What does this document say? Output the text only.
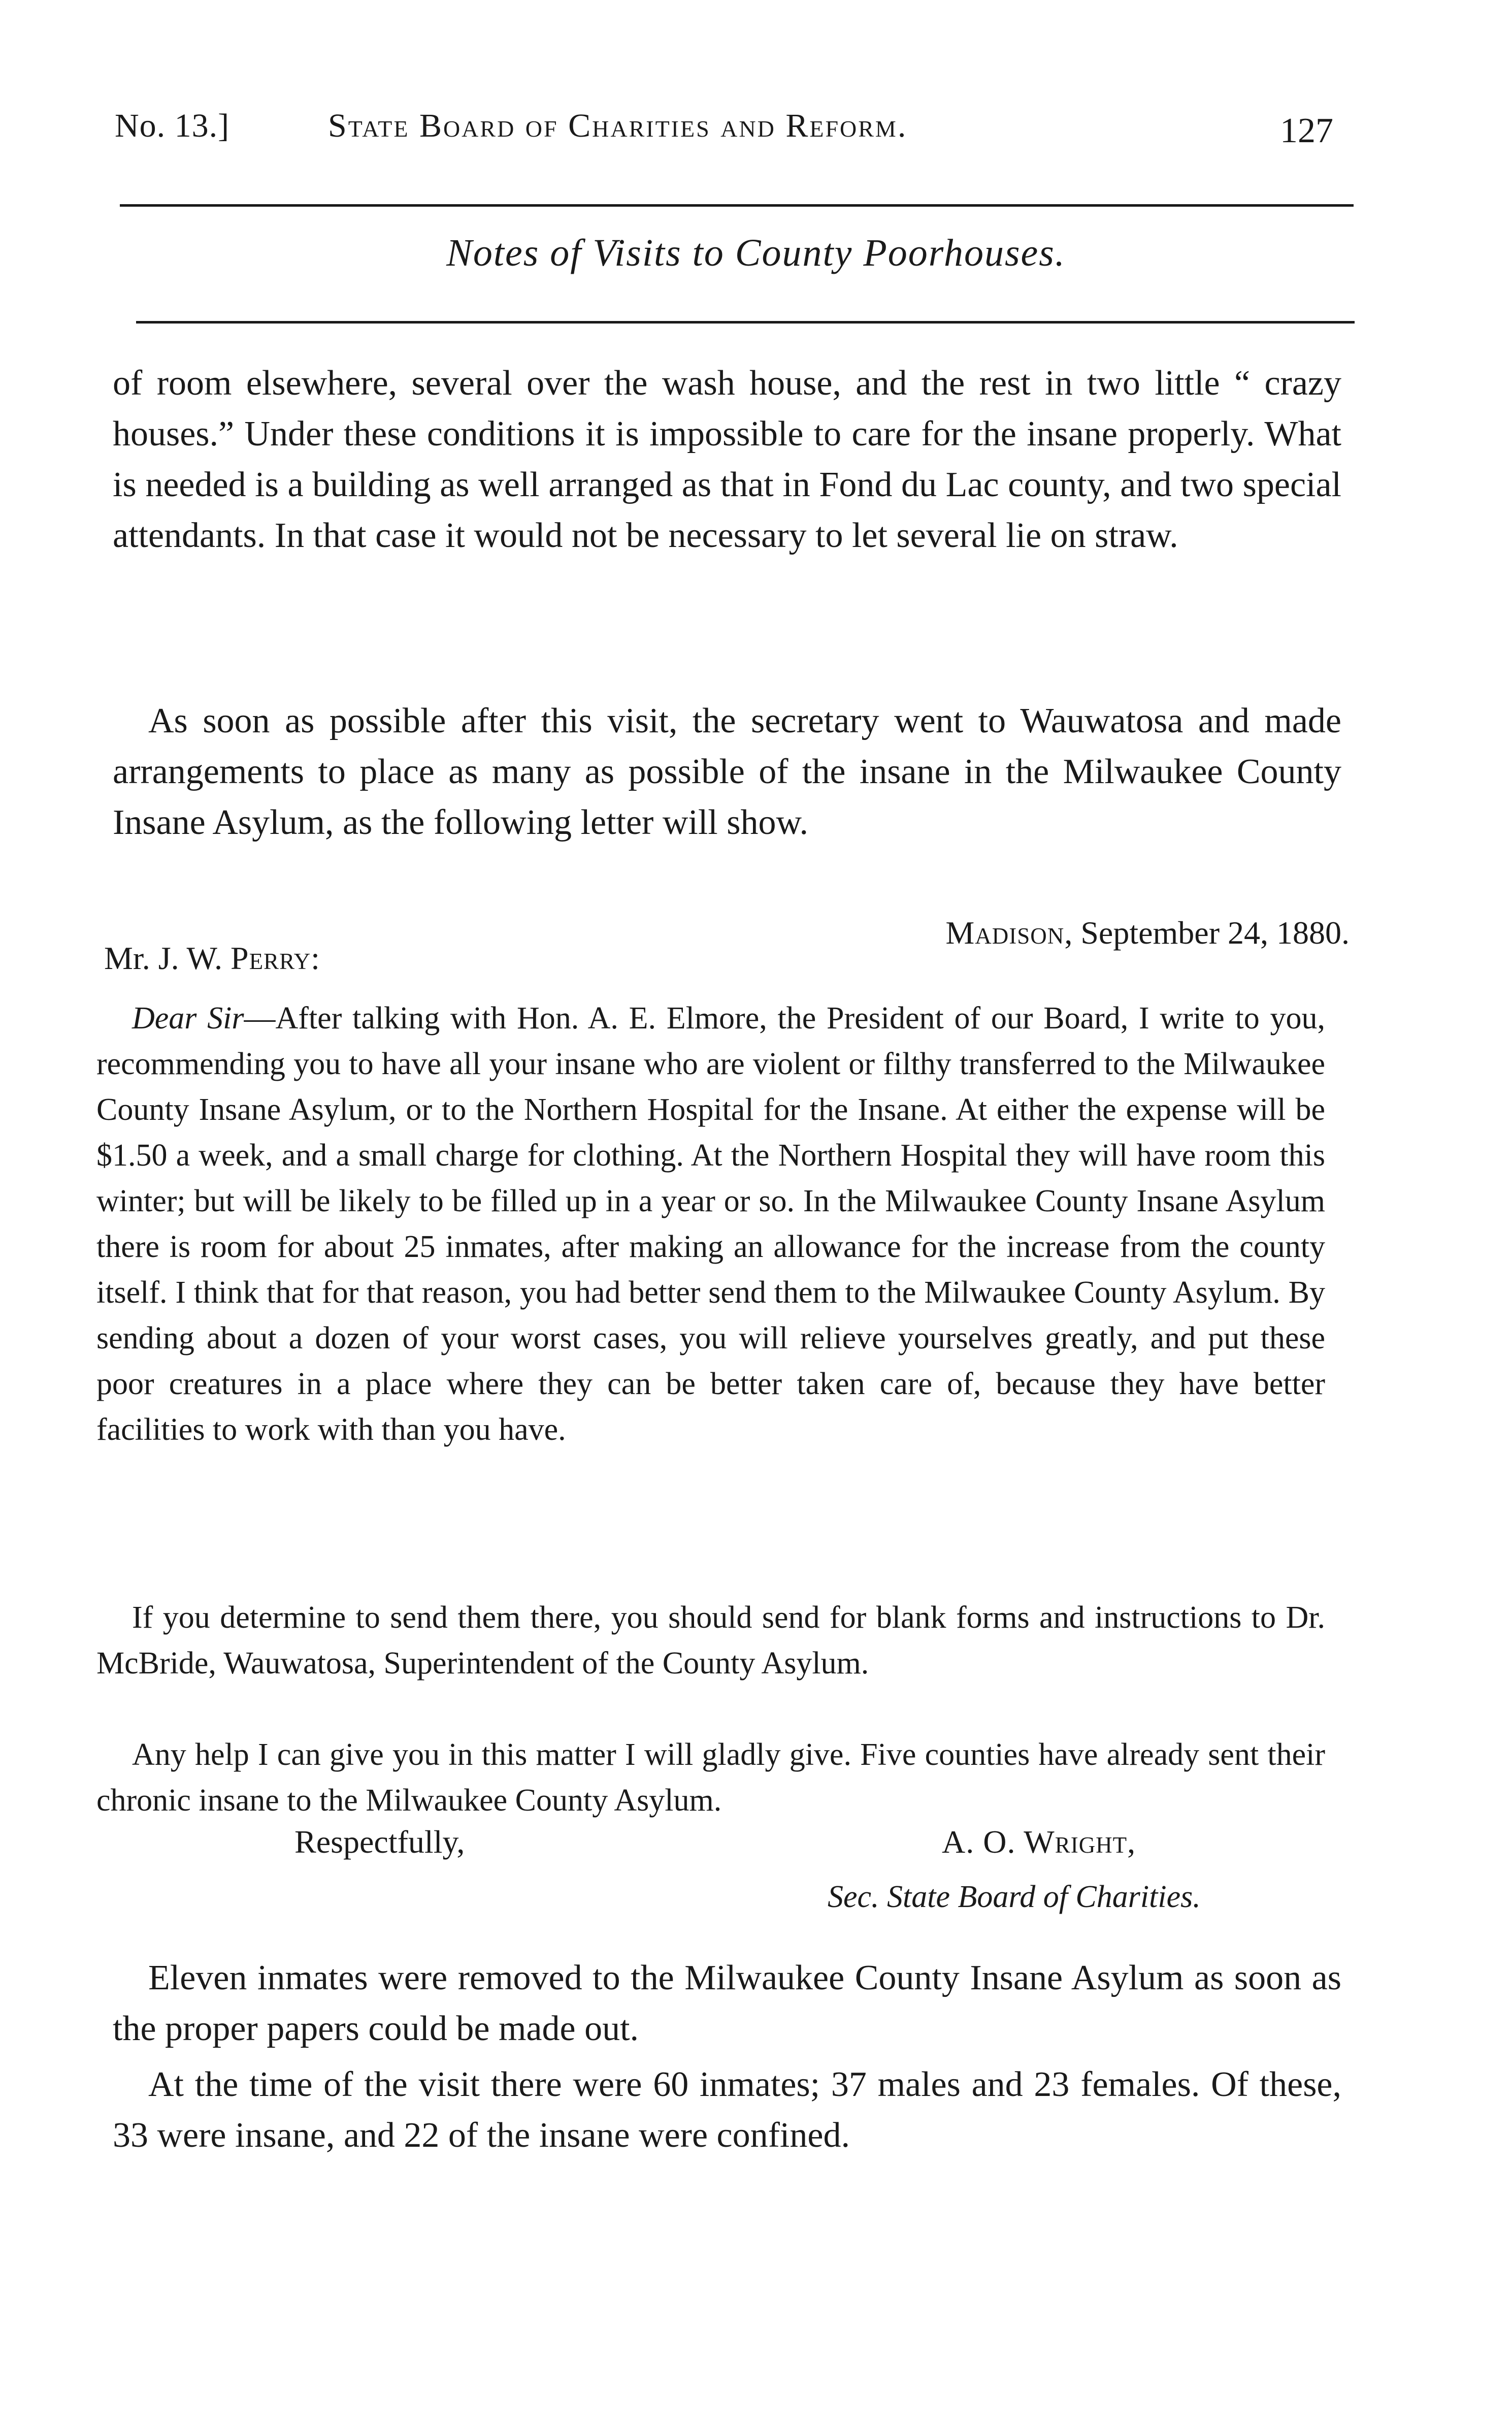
No. 13.]	State Board of Charities and Reform.	127
Notes of Visits to County Poorhouses.

of room elsewhere, several over the wash house, and the rest in two little “ crazy houses.” Under these conditions it is impossible to care for the insane properly. What is needed is a building as well arranged as that in Fond du Lac county, and two special attendants. In that case it would not be necessary to let several lie on straw.

As soon as possible after this visit, the secretary went to Wauwatosa and made arrangements to place as many as possible of the insane in the Milwaukee County Insane Asylum, as the following letter will show.

Madison, September 24, 1880.
Mr. J. W. Perry:

Dear Sir—After talking with Hon. A. E. Elmore, the President of our Board, I write to you, recommending you to have all your insane who are violent or filthy transferred to the Milwaukee County Insane Asylum, or to the Northern Hospital for the Insane. At either the expense will be $1.50 a week, and a small charge for clothing. At the Northern Hospital they will have room this winter; but will be likely to be filled up in a year or so. In the Milwaukee County Insane Asylum there is room for about 25 inmates, after making an allowance for the increase from the county itself. I think that for that reason, you had better send them to the Milwaukee County Asylum. By sending about a dozen of your worst cases, you will relieve yourselves greatly, and put these poor creatures in a place where they can be better taken care of, because they have better facilities to work with than you have.

If you determine to send them there, you should send for blank forms and instructions to Dr. McBride, Wauwatosa, Superintendent of the County Asylum.

Any help I can give you in this matter I will gladly give. Five counties have already sent their chronic insane to the Milwaukee County Asylum.

Respectfully,	A. O. Wright,
Sec. State Board of Charities.

Eleven inmates were removed to the Milwaukee County Insane Asylum as soon as the proper papers could be made out.

At the time of the visit there were 60 inmates; 37 males and 23 females. Of these, 33 were insane, and 22 of the insane were confined.
